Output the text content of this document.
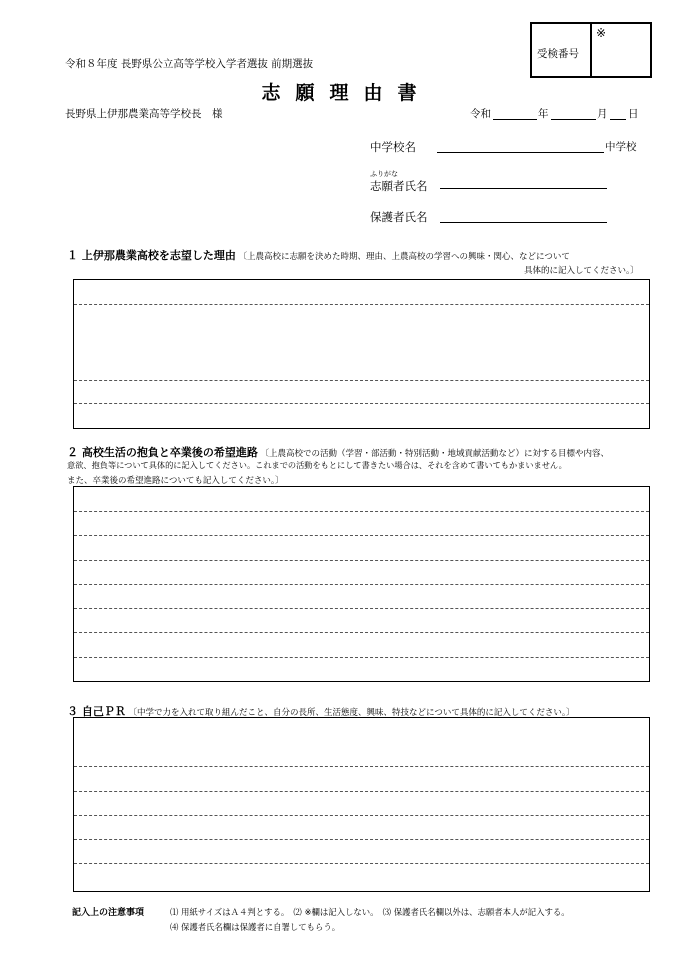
令和８年度 長野県公立高等学校入学者選抜 前期選抜
受検番号
※
志願理由書
長野県上伊那農業高等学校長　様	令和	年	月 日
中学校名	中学校
ふりがな
志願者氏名
保護者氏名
１ 上伊那農業高校を志望した理由 〔上農高校に志願を決めた時期、理由、上農高校の学習への興味・関心、などについて
具体的に記入してください。〕
２ 高校生活の抱負と卒業後の希望進路 〔上農高校での活動（学習・部活動・特別活動・地域貢献活動など）に対する目標や内容、
意欲、抱負等について具体的に記入してください。これまでの活動をもとにして書きたい場合は、それを含めて書いてもかまいません。
また、卒業後の希望進路についても記入してください。〕
３ 自己ＰＲ 〔中学で力を入れて取り組んだこと、自分の長所、生活態度、興味、特技などについて具体的に記入してください。〕
記入上の注意事項	⑴ 用紙サイズはＡ４判とする。　⑵ ※欄は記入しない。　⑶ 保護者氏名欄以外は、志願者本人が記入する。
⑷ 保護者氏名欄は保護者に自署してもらう。
